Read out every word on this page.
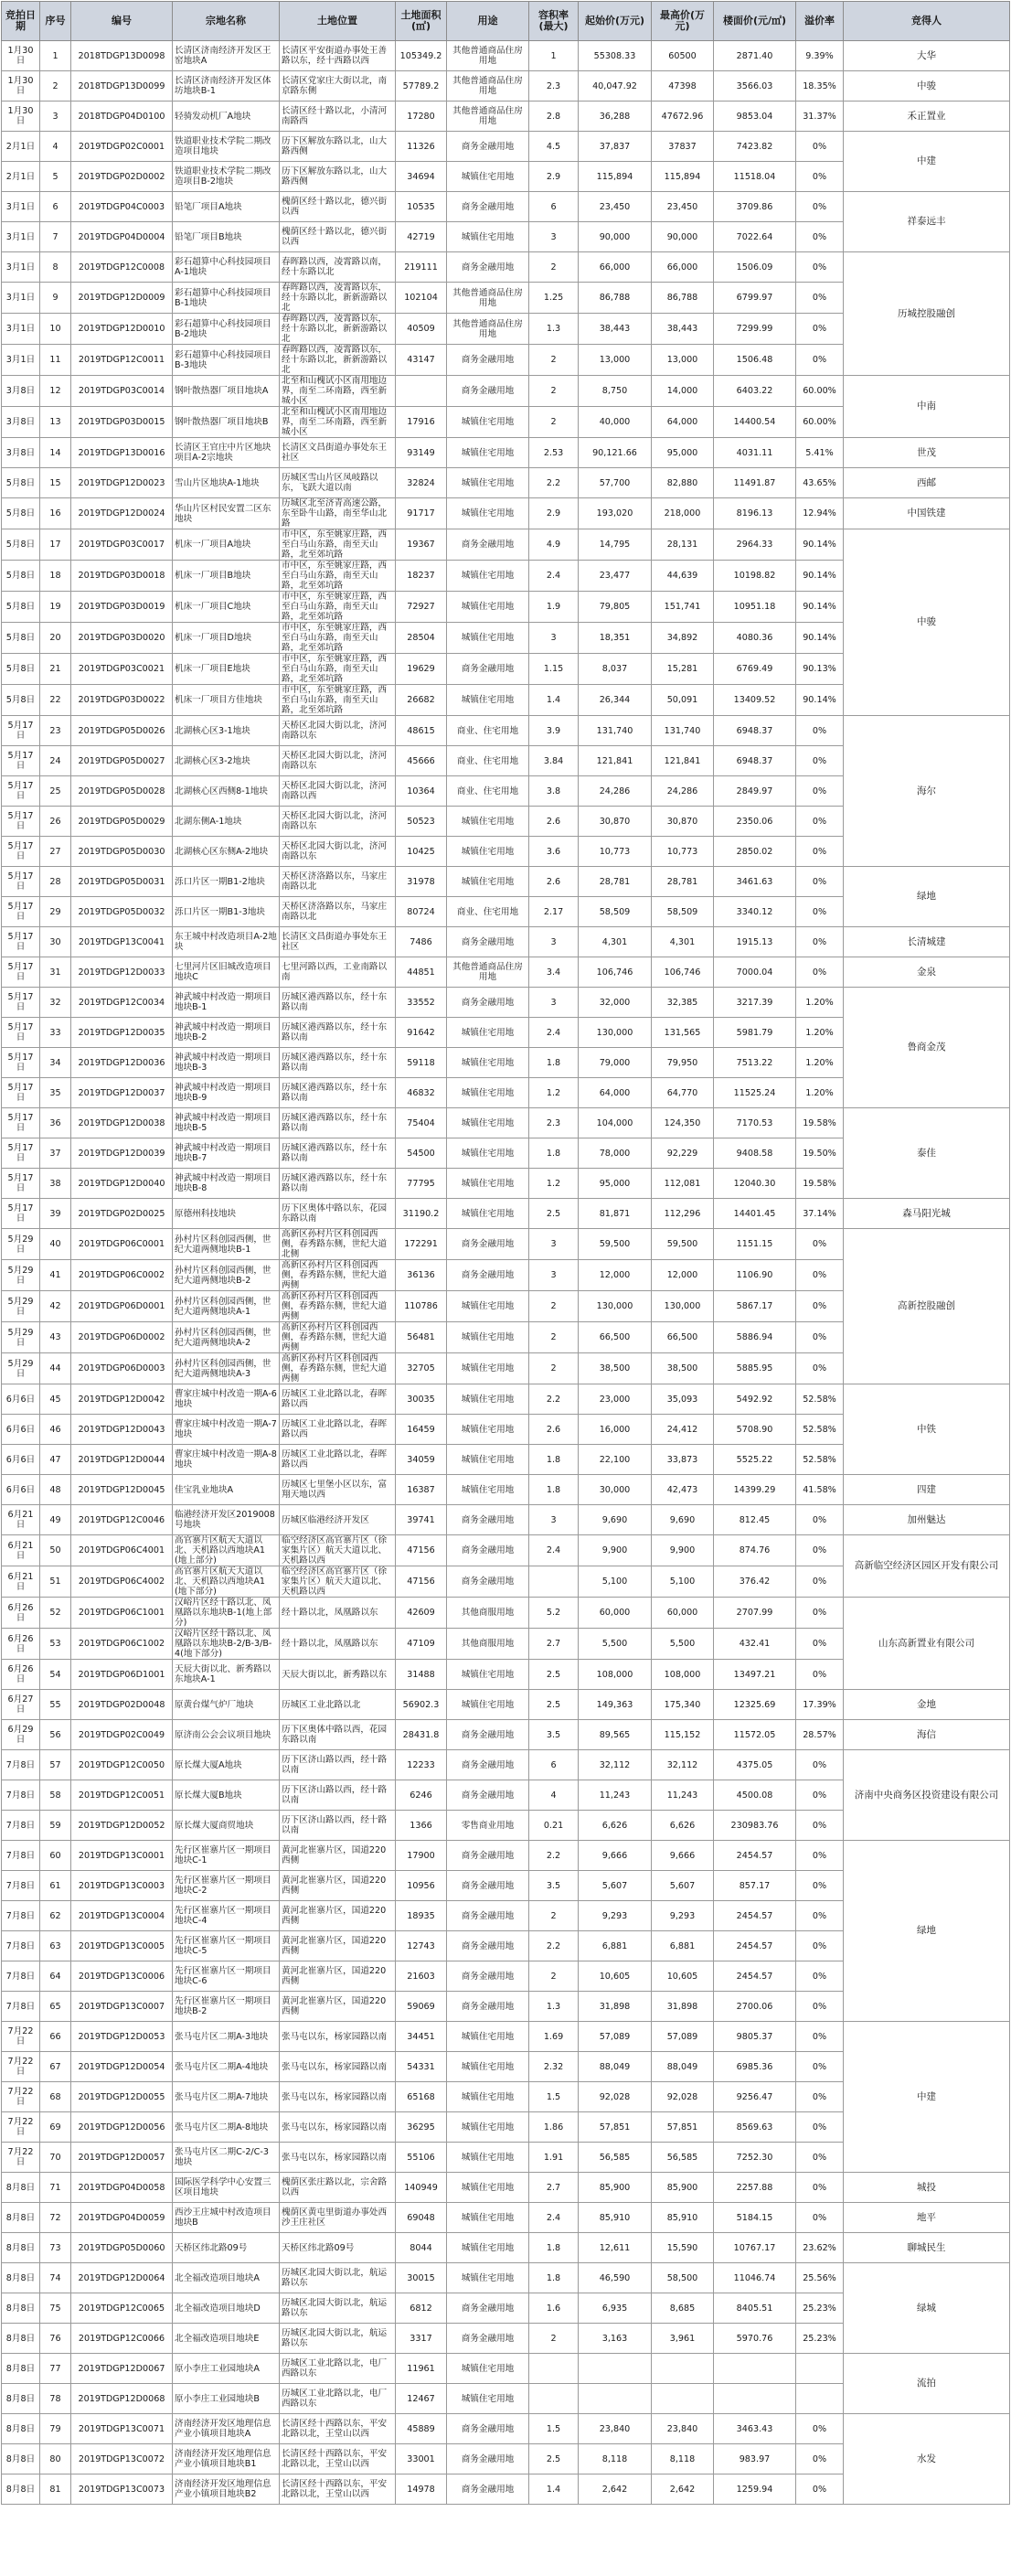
竞拍日期	序号	编号	宗地名称	土地位置	土地面积(㎡)	用途	容积率(最大)	起始价(万元)	最高价(万元)	楼面价(元/㎡)	溢价率	竞得人
1月30日	1	2018TDGP13D0098	长清区济南经济开发区王窑地块A	长清区平安街道办事处王善路以东，经十西路以西	105349.2	其他普通商品住房用地	1	55308.33	60500	2871.40	9.39%	大华
1月30日	2	2018TDGP13D0099	长清区济南经济开发区体坊地块B-1	长清区党家庄大街以北，南京路东侧	57789.2	其他普通商品住房用地	2.3	40,047.92	47398	3566.03	18.35%	中骏
1月30日	3	2018TDGP04D0100	轻骑发动机厂A地块	长清区经十路以北，小清河南路西	17280	其他普通商品住房用地	2.8	36,288	47672.96	9853.04	31.37%	禾正置业
2月1日	4	2019TDGP02C0001	铁道职业技术学院二期改造项目地块	历下区解放东路以北，山大路西侧	11326	商务金融用地	4.5	37,837	37837	7423.82	0%	中建
2月1日	5	2019TDGP02D0002	铁道职业技术学院二期改造项目B-2地块	历下区解放东路以北，山大路西侧	34694	城镇住宅用地	2.9	115,894	115,894	11518.04	0%	
3月1日	6	2019TDGP04C0003	铅笔厂项目A地块	槐荫区经十路以北，德兴街以西	10535	商务金融用地	6	23,450	23,450	3709.86	0%	祥泰远丰
3月1日	7	2019TDGP04D0004	铅笔厂项目B地块	槐荫区经十路以北，德兴街以西	42719	城镇住宅用地	3	90,000	90,000	7022.64	0%	
3月1日	8	2019TDGP12C0008	彩石超算中心科技园项目A-1地块	春晖路以西，凌霄路以南，经十东路以北	219111	商务金融用地	2	66,000	66,000	1506.09	0%	历城控股融创
3月1日	9	2019TDGP12D0009	彩石超算中心科技园项目B-1地块	春晖路以西，凌霄路以东，经十东路以北，新新游路以北	102104	其他普通商品住房用地	1.25	86,788	86,788	6799.97	0%	
3月1日	10	2019TDGP12D0010	彩石超算中心科技园项目B-2地块	春晖路以西，凌霄路以东，经十东路以北，新新游路以北	40509	其他普通商品住房用地	1.3	38,443	38,443	7299.99	0%	
3月1日	11	2019TDGP12C0011	彩石超算中心科技园项目B-3地块	春晖路以西，凌霄路以东，经十东路以北，新新游路以北	43147	商务金融用地	2	13,000	13,000	1506.48	0%	
3月8日	12	2019TDGP03C0014	钢叶散热器厂项目地块A	北至和山槐试小区南用地边界，南至二环南路，西至新城小区		商务金融用地	2	8,750	14,000	6403.22	60.00%	中南
3月8日	13	2019TDGP03D0015	钢叶散热器厂项目地块B	北至和山槐试小区南用地边界，南至二环南路，西至新城小区	17916	城镇住宅用地	2	40,000	64,000	14400.54	60.00%	
3月8日	14	2019TDGP13D0016	长清区王官庄中片区地块项目A-2宗地块	长清区文昌街道办事处东王社区	93149	城镇住宅用地	2.53	90,121.66	95,000	4031.11	5.41%	世茂
5月8日	15	2019TDGP12D0023	雪山片区地块A-1地块	历城区雪山片区凤岐路以东，飞跃大道以南	32824	城镇住宅用地	2.2	57,700	82,880	11491.87	43.65%	西邮
5月8日	16	2019TDGP12D0024	华山片区村民安置二区东地块	历城区北至济青高速公路，东至卧牛山路，南至华山北路	91717	城镇住宅用地	2.9	193,020	218,000	8196.13	12.94%	中国铁建
5月8日	17	2019TDGP03C0017	机床一厂项目A地块	市中区，东至姚家庄路，西至白马山东路，南至天山路，北至郊坑路	19367	商务金融用地	4.9	14,795	28,131	2964.33	90.14%	中骏
5月8日	18	2019TDGP03D0018	机床一厂项目B地块	市中区，东至姚家庄路，西至白马山东路，南至天山路，北至郊坑路	18237	城镇住宅用地	2.4	23,477	44,639	10198.82	90.14%	
5月8日	19	2019TDGP03D0019	机床一厂项目C地块	市中区，东至姚家庄路，西至白马山东路，南至天山路，北至郊坑路	72927	城镇住宅用地	1.9	79,805	151,741	10951.18	90.14%	
5月8日	20	2019TDGP03D0020	机床一厂项目D地块	市中区，东至姚家庄路，西至白马山东路，南至天山路，北至郊坑路	28504	城镇住宅用地	3	18,351	34,892	4080.36	90.14%	
5月8日	21	2019TDGP03C0021	机床一厂项目E地块	市中区，东至姚家庄路，西至白马山东路，南至天山路，北至郊坑路	19629	商务金融用地	1.15	8,037	15,281	6769.49	90.13%	
5月8日	22	2019TDGP03D0022	机床一厂项目方佳地块	市中区，东至姚家庄路，西至白马山东路，南至天山路，北至郊坑路	26682	城镇住宅用地	1.4	26,344	50,091	13409.52	90.14%	
5月17日	23	2019TDGP05D0026	北湖核心区3-1地块	天桥区北园大街以北，济河南路以东	48615	商业、住宅用地	3.9	131,740	131,740	6948.37	0%	海尔
5月17日	24	2019TDGP05D0027	北湖核心区3-2地块	天桥区北园大街以北，济河南路以东	45666	商业、住宅用地	3.84	121,841	121,841	6948.37	0%	
5月17日	25	2019TDGP05D0028	北湖核心区西侧8-1地块	天桥区北园大街以北，济河南路以西	10364	商业、住宅用地	3.8	24,286	24,286	2849.97	0%	
5月17日	26	2019TDGP05D0029	北湖东侧A-1地块	天桥区北园大街以北，济河南路以东	50523	城镇住宅用地	2.6	30,870	30,870	2350.06	0%	
5月17日	27	2019TDGP05D0030	北湖核心区东侧A-2地块	天桥区北园大街以北，济河南路以东	10425	城镇住宅用地	3.6	10,773	10,773	2850.02	0%	
5月17日	28	2019TDGP05D0031	泺口片区一期B1-2地块	天桥区济洛路以东，马家庄南路以北	31978	城镇住宅用地	2.6	28,781	28,781	3461.63	0%	绿地
5月17日	29	2019TDGP05D0032	泺口片区一期B1-3地块	天桥区济洛路以东，马家庄南路以北	80724	商业、住宅用地	2.17	58,509	58,509	3340.12	0%	
5月17日	30	2019TDGP13C0041	东王城中村改造项目A-2地块	长清区文昌街道办事处东王社区	7486	商务金融用地	3	4,301	4,301	1915.13	0%	长清城建
5月17日	31	2019TDGP12D0033	七里河片区旧城改造项目地块C	七里河路以西，工业南路以南	44851	其他普通商品住房用地	3.4	106,746	106,746	7000.04	0%	金泉
5月17日	32	2019TDGP12C0034	神武城中村改造一期项目地块B-1	历城区港西路以东，经十东路以南	33552	商务金融用地	3	32,000	32,385	3217.39	1.20%	鲁商金茂
5月17日	33	2019TDGP12D0035	神武城中村改造一期项目地块B-2	历城区港西路以东，经十东路以南	91642	城镇住宅用地	2.4	130,000	131,565	5981.79	1.20%	
5月17日	34	2019TDGP12D0036	神武城中村改造一期项目地块B-3	历城区港西路以东，经十东路以南	59118	城镇住宅用地	1.8	79,000	79,950	7513.22	1.20%	
5月17日	35	2019TDGP12D0037	神武城中村改造一期项目地块B-9	历城区港西路以东，经十东路以南	46832	城镇住宅用地	1.2	64,000	64,770	11525.24	1.20%	
5月17日	36	2019TDGP12D0038	神武城中村改造一期项目地块B-5	历城区港西路以东，经十东路以南	75404	城镇住宅用地	2.3	104,000	124,350	7170.53	19.58%	泰佳
5月17日	37	2019TDGP12D0039	神武城中村改造一期项目地块B-7	历城区港西路以东，经十东路以南	54500	城镇住宅用地	1.8	78,000	92,229	9408.58	19.50%	
5月17日	38	2019TDGP12D0040	神武城中村改造一期项目地块B-8	历城区港西路以东，经十东路以南	77795	城镇住宅用地	1.2	95,000	112,081	12040.30	19.58%	
5月17日	39	2019TDGP02D0025	原德州科技地块	历下区奥体中路以东，花园东路以南	31190.2	城镇住宅用地	2.5	81,871	112,296	14401.45	37.14%	森马阳光城
5月29日	40	2019TDGP06C0001	孙村片区科创园西侧，世纪大道两侧地块B-1	高新区孙村片区科创园西侧，春秀路东侧，世纪大道北侧	172291	商务金融用地	3	59,500	59,500	1151.15	0%	高新控股融创
5月29日	41	2019TDGP06C0002	孙村片区科创园西侧，世纪大道两侧地块B-2	高新区孙村片区科创园西侧，春秀路东侧，世纪大道两侧	36136	商务金融用地	3	12,000	12,000	1106.90	0%	
5月29日	42	2019TDGP06D0001	孙村片区科创园西侧，世纪大道两侧地块A-1	高新区孙村片区科创园西侧，春秀路东侧，世纪大道两侧	110786	城镇住宅用地	2	130,000	130,000	5867.17	0%	
5月29日	43	2019TDGP06D0002	孙村片区科创园西侧，世纪大道两侧地块A-2	高新区孙村片区科创园西侧，春秀路东侧，世纪大道两侧	56481	城镇住宅用地	2	66,500	66,500	5886.94	0%	
5月29日	44	2019TDGP06D0003	孙村片区科创园西侧，世纪大道两侧地块A-3	高新区孙村片区科创园西侧，春秀路东侧，世纪大道两侧	32705	城镇住宅用地	2	38,500	38,500	5885.95	0%	
6月6日	45	2019TDGP12D0042	曹家庄城中村改造一期A-6地块	历城区工业北路以北，春晖路以西	30035	城镇住宅用地	2.2	23,000	35,093	5492.92	52.58%	中铁
6月6日	46	2019TDGP12D0043	曹家庄城中村改造一期A-7地块	历城区工业北路以北，春晖路以西	16459	城镇住宅用地	2.6	16,000	24,412	5708.90	52.58%	
6月6日	47	2019TDGP12D0044	曹家庄城中村改造一期A-8地块	历城区工业北路以北，春晖路以西	34059	城镇住宅用地	1.8	22,100	33,873	5525.22	52.58%	
6月6日	48	2019TDGP12D0045	佳宝乳业地块A	历城区七里堡小区以东，富翔天地以西	16387	城镇住宅用地	1.8	30,000	42,473	14399.29	41.58%	四建
6月21日	49	2019TDGP12C0046	临港经济开发区2019008号地块	历城区临港经济开发区	39741	商务金融用地	3	9,690	9,690	812.45	0%	加州魅达
6月21日	50	2019TDGP06C4001	高官寨片区航天大道以北、天机路以西地块A1(地上部分)	临空经济区高官寨片区（徐家集片区）航天大道以北、天机路以西	47156	商务金融用地	2.4	9,900	9,900	874.76	0%	高新临空经济区园区开发有限公司
6月21日	51	2019TDGP06C4002	高官寨片区航天大道以北、天机路以西地块A1(地下部分)	临空经济区高官寨片区（徐家集片区）航天大道以北、天机路以西	47156	商务金融用地		5,100	5,100	376.42	0%	
6月26日	52	2019TDGP06C1001	汉峪片区经十路以北、凤凰路以东地块B-1(地上部分)	经十路以北，凤凰路以东	42609	其他商服用地	5.2	60,000	60,000	2707.99	0%	山东高新置业有限公司
6月26日	53	2019TDGP06C1002	汉峪片区经十路以北、凤凰路以东地块B-2/B-3/B-4(地下部分)	经十路以北，凤凰路以东	47109	其他商服用地	2.7	5,500	5,500	432.41	0%	
6月26日	54	2019TDGP06D1001	天辰大街以北、新秀路以东地块A-1	天辰大街以北，新秀路以东	31488	城镇住宅用地	2.5	108,000	108,000	13497.21	0%	
6月27日	55	2019TDGP02D0048	原黄台煤气炉厂地块	历城区工业北路以北	56902.3	城镇住宅用地	2.5	149,363	175,340	12325.69	17.39%	金地
6月29日	56	2019TDGP02C0049	原济南公会会议项目地块	历下区奥体中路以西，花园东路以南	28431.8	商务金融用地	3.5	89,565	115,152	11572.05	28.57%	海信
7月8日	57	2019TDGP12C0050	原长煤大厦A地块	历下区济山路以西，经十路以南	12233	商务金融用地	6	32,112	32,112	4375.05	0%	济南中央商务区投资建设有限公司
7月8日	58	2019TDGP12C0051	原长煤大厦B地块	历下区济山路以西，经十路以南	6246	商务金融用地	4	11,243	11,243	4500.08	0%	
7月8日	59	2019TDGP12D0052	原长煤大厦商贸地块	历下区济山路以西，经十路以南	1366	零售商业用地	0.21	6,626	6,626	230983.76	0%	
7月8日	60	2019TDGP13C0001	先行区崔寨片区一期项目地块C-1	黄河北崔寨片区，国道220西侧	17900	商务金融用地	2.2	9,666	9,666	2454.57	0%	绿地
7月8日	61	2019TDGP13C0003	先行区崔寨片区一期项目地块C-2	黄河北崔寨片区，国道220西侧	10956	商务金融用地	3.5	5,607	5,607	857.17	0%	
7月8日	62	2019TDGP13C0004	先行区崔寨片区一期项目地块C-4	黄河北崔寨片区，国道220西侧	18935	商务金融用地	2	9,293	9,293	2454.57	0%	
7月8日	63	2019TDGP13C0005	先行区崔寨片区一期项目地块C-5	黄河北崔寨片区，国道220西侧	12743	商务金融用地	2.2	6,881	6,881	2454.57	0%	
7月8日	64	2019TDGP13C0006	先行区崔寨片区一期项目地块C-6	黄河北崔寨片区，国道220西侧	21603	商务金融用地	2	10,605	10,605	2454.57	0%	
7月8日	65	2019TDGP13C0007	先行区崔寨片区一期项目地块B-2	黄河北崔寨片区，国道220西侧	59069	商务金融用地	1.3	31,898	31,898	2700.06	0%	
7月22日	66	2019TDGP12D0053	张马屯片区二期A-3地块	张马屯以东，杨家园路以南	34451	城镇住宅用地	1.69	57,089	57,089	9805.37	0%	中建
7月22日	67	2019TDGP12D0054	张马屯片区二期A-4地块	张马屯以东，杨家园路以南	54331	城镇住宅用地	2.32	88,049	88,049	6985.36	0%	
7月22日	68	2019TDGP12D0055	张马屯片区二期A-7地块	张马屯以东，杨家园路以南	65168	城镇住宅用地	1.5	92,028	92,028	9256.47	0%	
7月22日	69	2019TDGP12D0056	张马屯片区二期A-8地块	张马屯以东，杨家园路以南	36295	城镇住宅用地	1.86	57,851	57,851	8569.63	0%	
7月22日	70	2019TDGP12D0057	张马屯片区二期C-2/C-3地块	张马屯以东，杨家园路以南	55106	城镇住宅用地	1.91	56,585	56,585	7252.30	0%	
8月8日	71	2019TDGP04D0058	国际医学科学中心安置三区项目地块	槐荫区张庄路以北，宗舍路以西	140949	城镇住宅用地	2.7	85,900	85,900	2257.88	0%	城投
8月8日	72	2019TDGP04D0059	西沙王庄城中村改造项目地块B	槐荫区黄屯里街道办事处西沙王庄社区	69048	城镇住宅用地	2.4	85,910	85,910	5184.15	0%	地平
8月8日	73	2019TDGP05D0060	天桥区纬北路09号	天桥区纬北路09号	8044	城镇住宅用地	1.8	12,611	15,590	10767.17	23.62%	聊城民生
8月8日	74	2019TDGP12D0064	北全福改造项目地块A	历城区北园大街以北，航运路以东	30015	城镇住宅用地	1.8	46,590	58,500	11046.74	25.56%	绿城
8月8日	75	2019TDGP12C0065	北全福改造项目地块D	历城区北园大街以北，航运路以东	6812	商务金融用地	1.6	6,935	8,685	8405.51	25.23%	
8月8日	76	2019TDGP12C0066	北全福改造项目地块E	历城区北园大街以北，航运路以东	3317	商务金融用地	2	3,163	3,961	5970.76	25.23%	
8月8日	77	2019TDGP12D0067	原小李庄工业园地块A	历城区工业北路以北，电厂西路以东	11961	城镇住宅用地						流拍
8月8日	78	2019TDGP12D0068	原小李庄工业园地块B	历城区工业北路以北，电厂西路以东	12467	城镇住宅用地						
8月8日	79	2019TDGP13C0071	济南经济开发区地理信息产业小镇项目地块A	长清区经十西路以东，平安北路以北，王堂山以西	45889	商务金融用地	1.5	23,840	23,840	3463.43	0%	水发
8月8日	80	2019TDGP13C0072	济南经济开发区地理信息产业小镇项目地块B1	长清区经十西路以东，平安北路以北，王堂山以西	33001	商务金融用地	2.5	8,118	8,118	983.97	0%	
8月8日	81	2019TDGP13C0073	济南经济开发区地理信息产业小镇项目地块B2	长清区经十西路以东，平安北路以北，王堂山以西	14978	商务金融用地	1.4	2,642	2,642	1259.94	0%	
